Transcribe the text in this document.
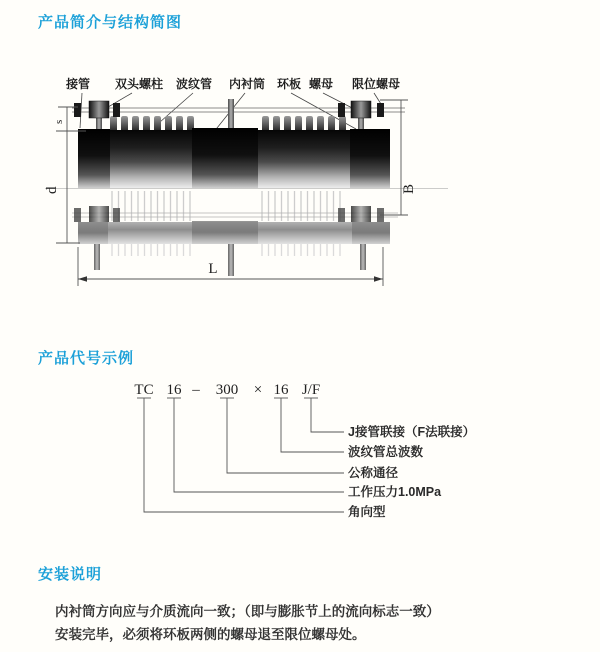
产品简介与结构简图
产品代号示例
安装说明
s
d	B
L
接管 双头螺柱 波纹管 内衬筒 环板 螺母 限位螺母
TC 16 – 300 × 16 J/F
J接管联接（F法联接）
波纹管总波数
公称通径
工作压力1.0MPa
角向型
内衬筒方向应与介质流向一致；（即与膨胀节上的流向标志一致）
安装完毕，必须将环板两侧的螺母退至限位螺母处。
